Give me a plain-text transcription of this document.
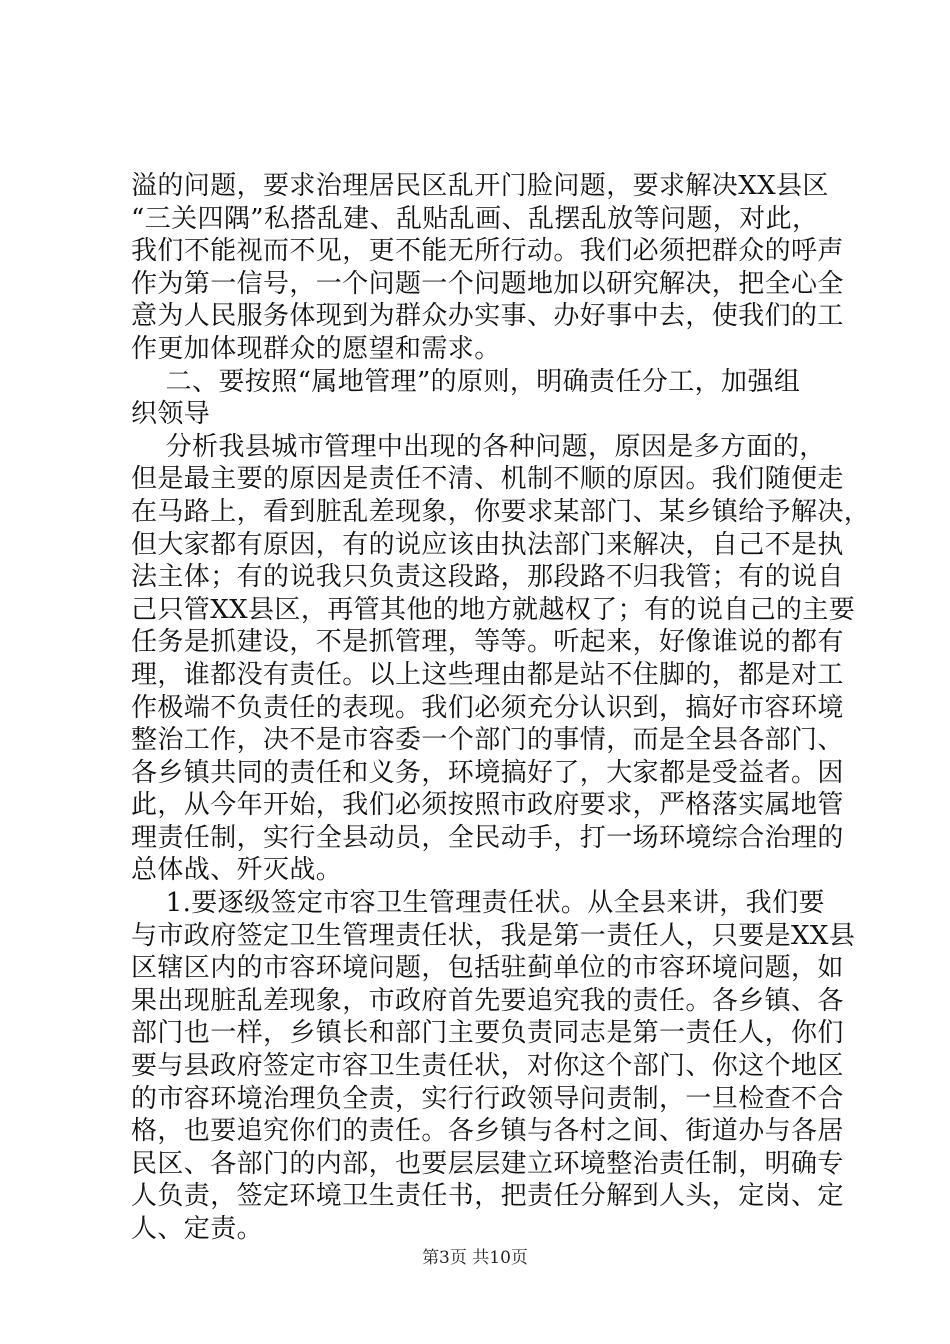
溢的问题，要求治理居民区乱开门脸问题，要求解决XX县区
“三关四隅”私搭乱建、乱贴乱画、乱摆乱放等问题，对此，
我们不能视而不见，更不能无所行动。我们必须把群众的呼声
作为第一信号，一个问题一个问题地加以研究解决，把全心全
意为人民服务体现到为群众办实事、办好事中去，使我们的工
作更加体现群众的愿望和需求。
二、要按照“属地管理”的原则，明确责任分工，加强组
织领导
分析我县城市管理中出现的各种问题，原因是多方面的，
但是最主要的原因是责任不清、机制不顺的原因。我们随便走
在马路上，看到脏乱差现象，你要求某部门、某乡镇给予解决，
但大家都有原因，有的说应该由执法部门来解决，自己不是执
法主体；有的说我只负责这段路，那段路不归我管；有的说自
己只管XX县区，再管其他的地方就越权了；有的说自己的主要
任务是抓建设，不是抓管理，等等。听起来，好像谁说的都有
理，谁都没有责任。以上这些理由都是站不住脚的，都是对工
作极端不负责任的表现。我们必须充分认识到，搞好市容环境
整治工作，决不是市容委一个部门的事情，而是全县各部门、
各乡镇共同的责任和义务，环境搞好了，大家都是受益者。因
此，从今年开始，我们必须按照市政府要求，严格落实属地管
理责任制，实行全县动员，全民动手，打一场环境综合治理的
总体战、歼灭战。
1.要逐级签定市容卫生管理责任状。从全县来讲，我们要
与市政府签定卫生管理责任状，我是第一责任人，只要是XX县
区辖区内的市容环境问题，包括驻蓟单位的市容环境问题，如
果出现脏乱差现象，市政府首先要追究我的责任。各乡镇、各
部门也一样，乡镇长和部门主要负责同志是第一责任人，你们
要与县政府签定市容卫生责任状，对你这个部门、你这个地区
的市容环境治理负全责，实行行政领导问责制，一旦检查不合
格，也要追究你们的责任。各乡镇与各村之间、街道办与各居
民区、各部门的内部，也要层层建立环境整治责任制，明确专
人负责，签定环境卫生责任书，把责任分解到人头，定岗、定
人、定责。
第3页 共10页
